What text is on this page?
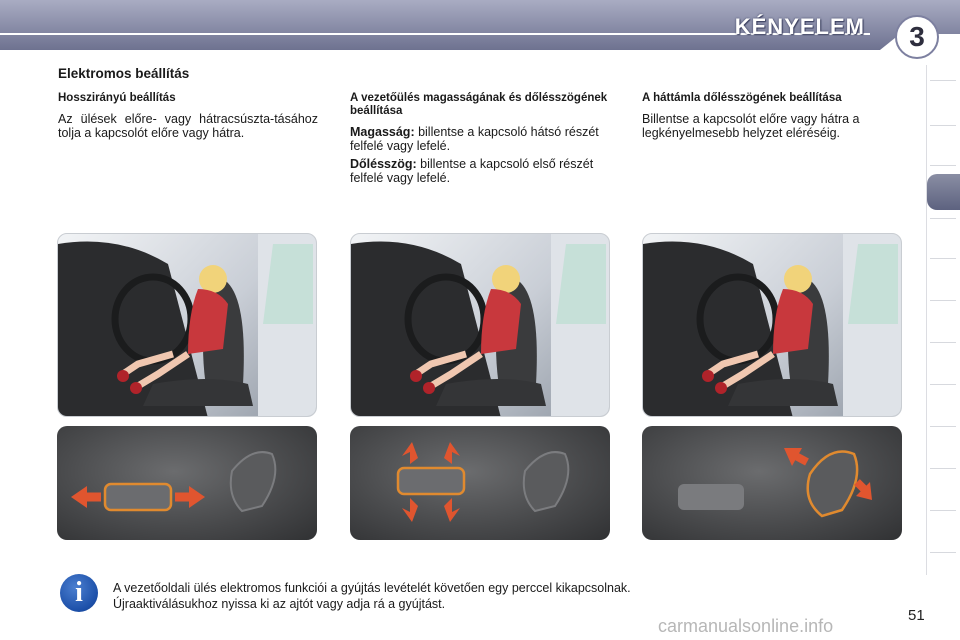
KÉNYELEM	3
Elektromos beállítás
Hosszirányú beállítás

Az ülések előre- vagy hátracsúszta-tásához tolja a kapcsolót előre vagy hátra.

A vezetőülés magasságának és dőlésszögének beállítása

Magasság: billentse a kapcsoló hátsó részét felfelé vagy lefelé.

Dőlésszög: billentse a kapcsoló első részét felfelé vagy lefelé.

A háttámla dőlésszögének beállítása

Billentse a kapcsolót előre vagy hátra a legkényelmesebb helyzet eléréséig.

i	A vezetőoldali ülés elektromos funkciói a gyújtás levételét követően egy perccel kikapcsolnak.
Újraaktiválásukhoz nyissa ki az ajtót vagy adja rá a gyújtást.
51
carmanualsonline.info
